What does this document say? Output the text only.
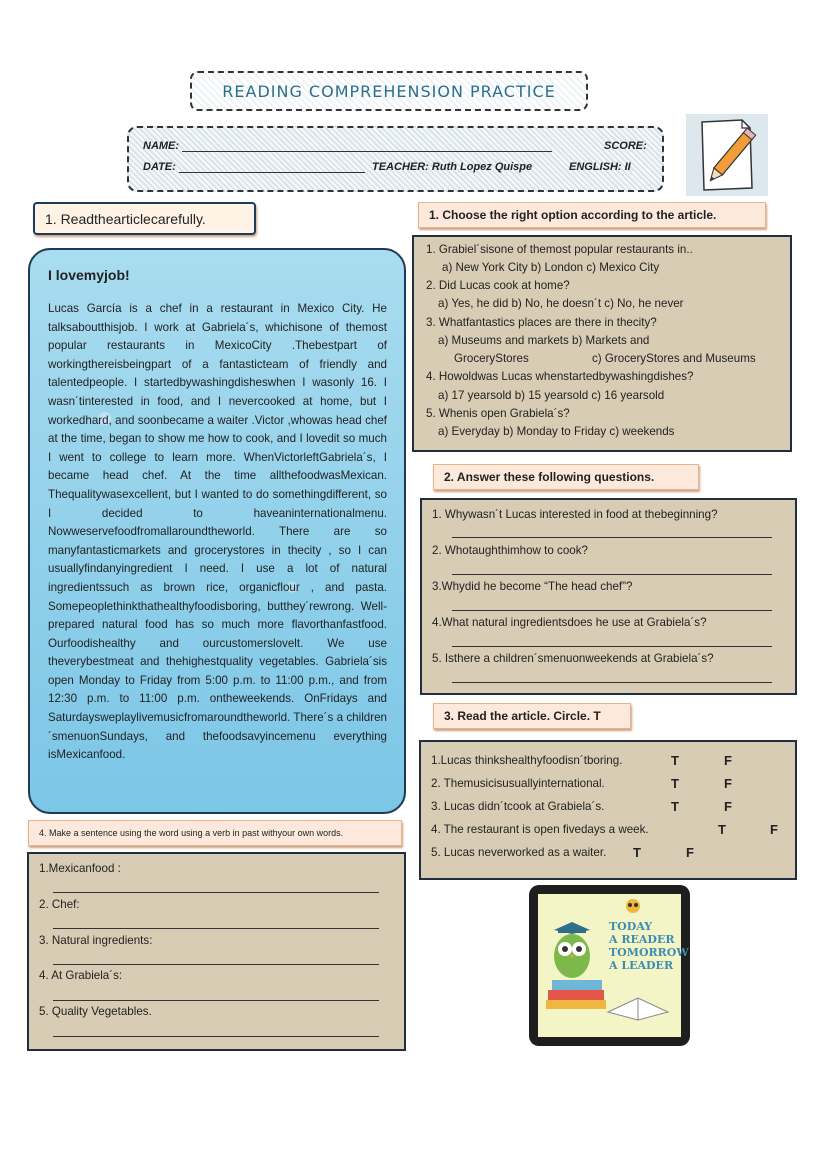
READING COMPREHENSION PRACTICE
NAME:	SCORE:
DATE:	TEACHER: Ruth Lopez Quispe	ENGLISH: II
1. Readthearticlecarefully.
I lovemyjob!
Lucas García is a chef in a restaurant in Mexico City. He talksaboutthisjob. I work at Gabriela´s, whichisone of themost popular restaurants in MexicoCity .Thebestpart of workingthereisbeingpart of a fantasticteam of friendly and talentedpeople. I startedbywashingdisheswhen I wasonly 16. I wasn´tinterested in food, and I nevercooked at home, but I workedhard, and soonbecame a waiter .Victor ,whowas head chef at the time, began to show me how to cook, and I lovedit so much I went to college to learn more. WhenVictorleftGabriela´s, I became head chef. At the time allthefoodwasMexican. Thequalitywasexcellent, but I wanted to do somethingdifferent, so I decided to haveaninternationalmenu. Nowweservefoodfromallaroundtheworld. There are so manyfantasticmarkets and grocerystores in thecity , so I can usuallyfindanyingredient I need. I use a lot of natural ingredientssuch as brown rice, organicflour , and pasta. Somepeoplethinkthathealthyfoodisboring, butthey´rewrong. Well-prepared natural food has so much more flavorthanfastfood. Ourfoodishealthy and ourcustomerslovelt. We use theverybestmeat and thehighestquality vegetables. Gabriela´sis open Monday to Friday from 5:00 p.m. to 11:00 p.m., and from 12:30 p.m. to 11:00 p.m. ontheweekends. OnFridays and Saturdaysweplaylivemusicfromaroundtheworld. There´s a children´smenuonSundays, and thefoodsavyincemenu everything isMexicanfood.
1. Choose the right option according to the article.
1. Grabiel´sisone of themost popular restaurants in..
a) New York City b) London c) Mexico City
2. Did Lucas cook at home?
a) Yes, he did b) No, he doesn´t c) No, he never
3. Whatfantastics places are there in thecity?
a) Museums and markets b) Markets and
GroceryStores	c) GroceryStores and Museums
4. Howoldwas Lucas whenstartedbywashingdishes?
a) 17 yearsold b) 15 yearsold c) 16 yearsold
5. Whenis open Grabiela´s?
a) Everyday b) Monday to Friday c) weekends
2. Answer these following questions.
1. Whywasn´t Lucas interested in food at thebeginning?
2. Whotaughthimhow to cook?
3.Whydid he become “The head chef”?
4.What natural ingredientsdoes he use at Grabiela´s?
5. Isthere a children´smenuonweekends at Grabiela´s?
3. Read the article. Circle. T
1.Lucas thinkshealthyfoodisn´tboring.	T	F
2. Themusicisusuallyinternational.	T	F
3. Lucas didn´tcook at Grabiela´s.	T	F
4. The restaurant is open fivedays a week.	T	F
5. Lucas neverworked as a waiter. T	F
4. Make a sentence using the word using a verb in past withyour own words.
1.Mexicanfood :
2. Chef:
3. Natural ingredients:
4. At Grabiela´s:
5. Quality Vegetables.
TODAY
A READER
TOMORROW
A LEADER
